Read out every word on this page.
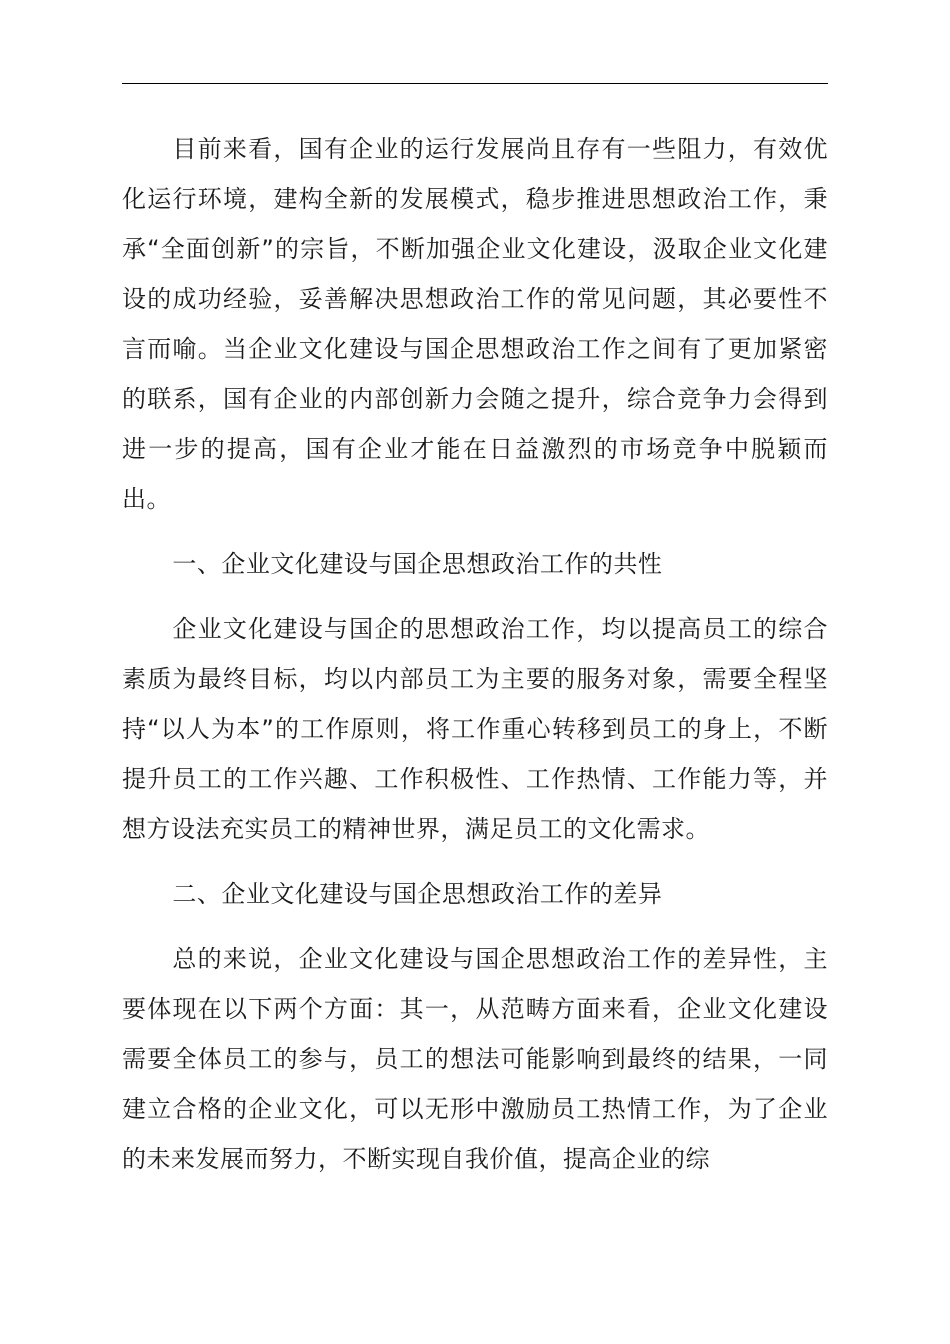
目前来看，国有企业的运行发展尚且存有一些阻力，有效优化运行环境，建构全新的发展模式，稳步推进思想政治工作，秉承“全面创新”的宗旨，不断加强企业文化建设，汲取企业文化建设的成功经验，妥善解决思想政治工作的常见问题，其必要性不言而喻。当企业文化建设与国企思想政治工作之间有了更加紧密的联系，国有企业的内部创新力会随之提升，综合竞争力会得到进一步的提高，国有企业才能在日益激烈的市场竞争中脱颖而出。

一、企业文化建设与国企思想政治工作的共性

企业文化建设与国企的思想政治工作，均以提高员工的综合素质为最终目标，均以内部员工为主要的服务对象，需要全程坚持“以人为本”的工作原则，将工作重心转移到员工的身上，不断提升员工的工作兴趣、工作积极性、工作热情、工作能力等，并想方设法充实员工的精神世界，满足员工的文化需求。

二、企业文化建设与国企思想政治工作的差异

总的来说，企业文化建设与国企思想政治工作的差异性，主要体现在以下两个方面：其一，从范畴方面来看，企业文化建设需要全体员工的参与，员工的想法可能影响到最终的结果，一同建立合格的企业文化，可以无形中激励员工热情工作，为了企业的未来发展而努力，不断实现自我价值，提高企业的综
